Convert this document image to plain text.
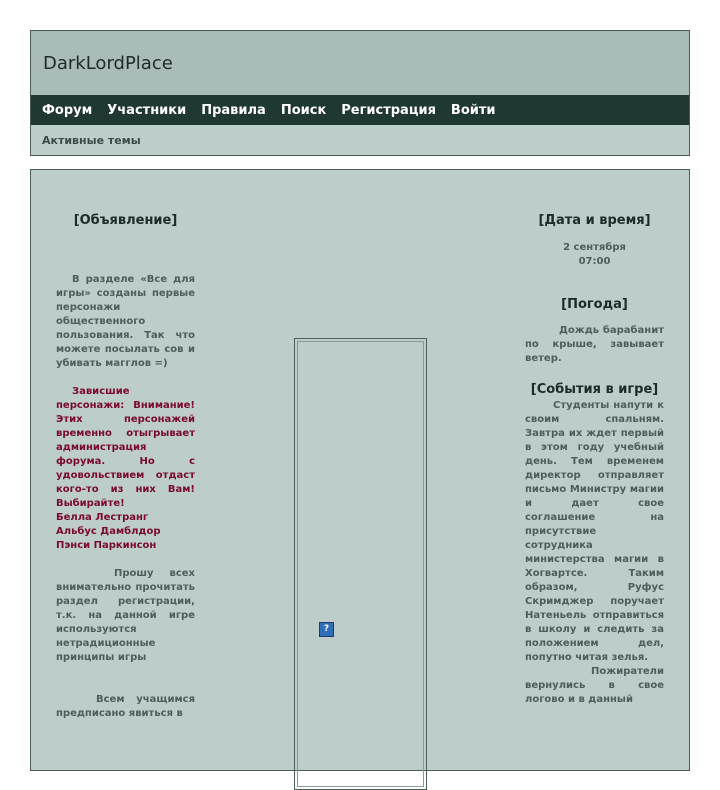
DarkLordPlace
Форум Участники Правила Поиск Регистрация Войти
Активные темы

[Объявление]

В разделе «Все для игры» созданы первые персонажи общественного пользования. Так что можете посылать сов и убивать магглов =)

Зависшие персонажи: Внимание! Этих персонажей временно отыгрывает администрация форума. Но с удовольствием отдаст кого-то из них Вам! Выбирайте!

Белла Лестранг

Альбус Дамблдор

Пэнси Паркинсон

Прошу всех внимательно прочитать раздел регистрации, т.к. на данной игре используются нетрадиционные принципы игры

Всем учащимся предписано явиться в

?

[Дата и время]

2 сентября

07:00

[Погода]

Дождь барабанит по крыше, завывает ветер.

[События в игре]

Студенты напути к своим спальням. Завтра их ждет первый в этом году учебный день. Тем временем директор отправляет письмо Министру магии и дает свое соглашение на присутствие сотрудника министерства магии в Хогвартсе. Таким образом, Руфус Скримджер поручает Натеньель отправиться в школу и следить за положением дел, попутно читая зелья.

Пожиратели вернулись в свое логово и в данный
